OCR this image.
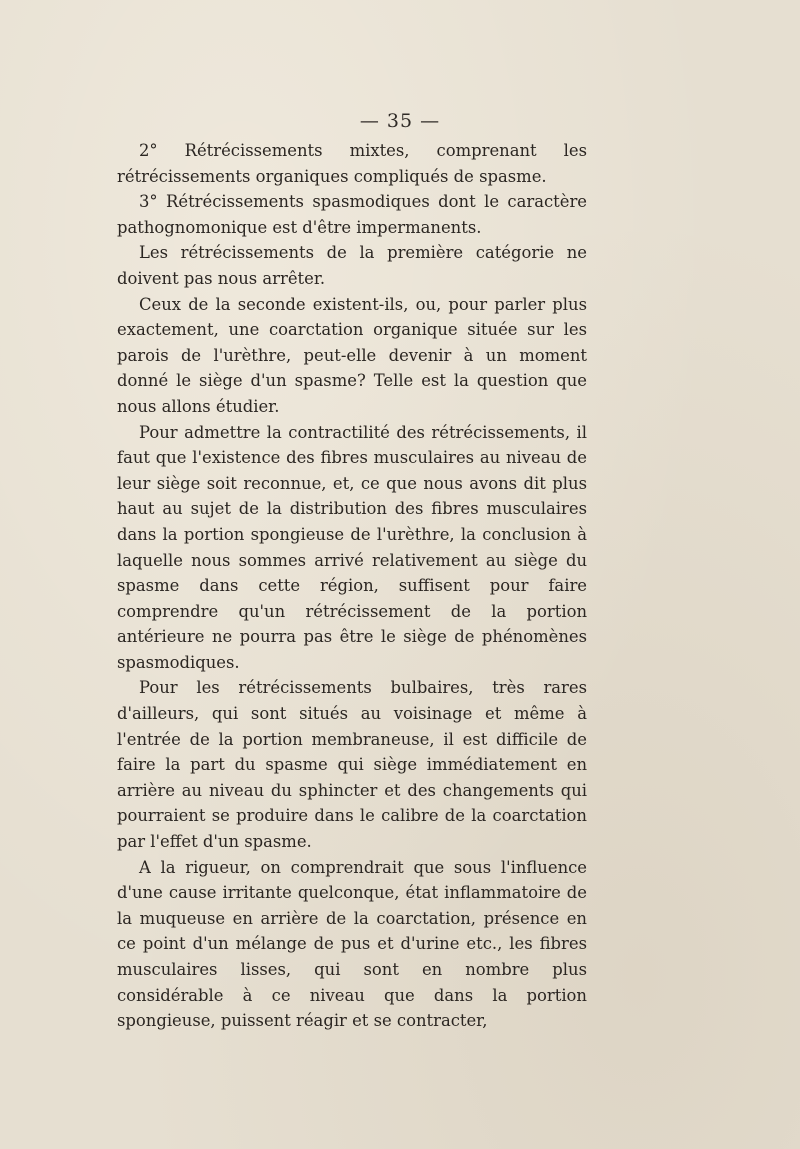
— 35 —

2° Rétrécissements mixtes, comprenant les rétrécissements organiques compliqués de spasme.

3° Rétrécissements spasmodiques dont le caractère pathognomonique est d'être impermanents.

Les rétrécissements de la première catégorie ne doivent pas nous arrêter.

Ceux de la seconde existent-ils, ou, pour parler plus exactement, une coarctation organique située sur les parois de l'urèthre, peut-elle devenir à un moment donné le siège d'un spasme? Telle est la question que nous allons étudier.

Pour admettre la contractilité des rétrécissements, il faut que l'existence des fibres musculaires au niveau de leur siège soit reconnue, et, ce que nous avons dit plus haut au sujet de la distribution des fibres musculaires dans la portion spongieuse de l'urèthre, la conclusion à laquelle nous sommes arrivé relativement au siège du spasme dans cette région, suffisent pour faire comprendre qu'un rétrécissement de la portion antérieure ne pourra pas être le siège de phénomènes spasmodiques.

Pour les rétrécissements bulbaires, très rares d'ailleurs, qui sont situés au voisinage et même à l'entrée de la portion membraneuse, il est difficile de faire la part du spasme qui siège immédiatement en arrière au niveau du sphincter et des changements qui pourraient se produire dans le calibre de la coarctation par l'effet d'un spasme.

A la rigueur, on comprendrait que sous l'influence d'une cause irritante quelconque, état inflammatoire de la muqueuse en arrière de la coarctation, présence en ce point d'un mélange de pus et d'urine etc., les fibres musculaires lisses, qui sont en nombre plus considérable à ce niveau que dans la portion spongieuse, puissent réagir et se contracter,
